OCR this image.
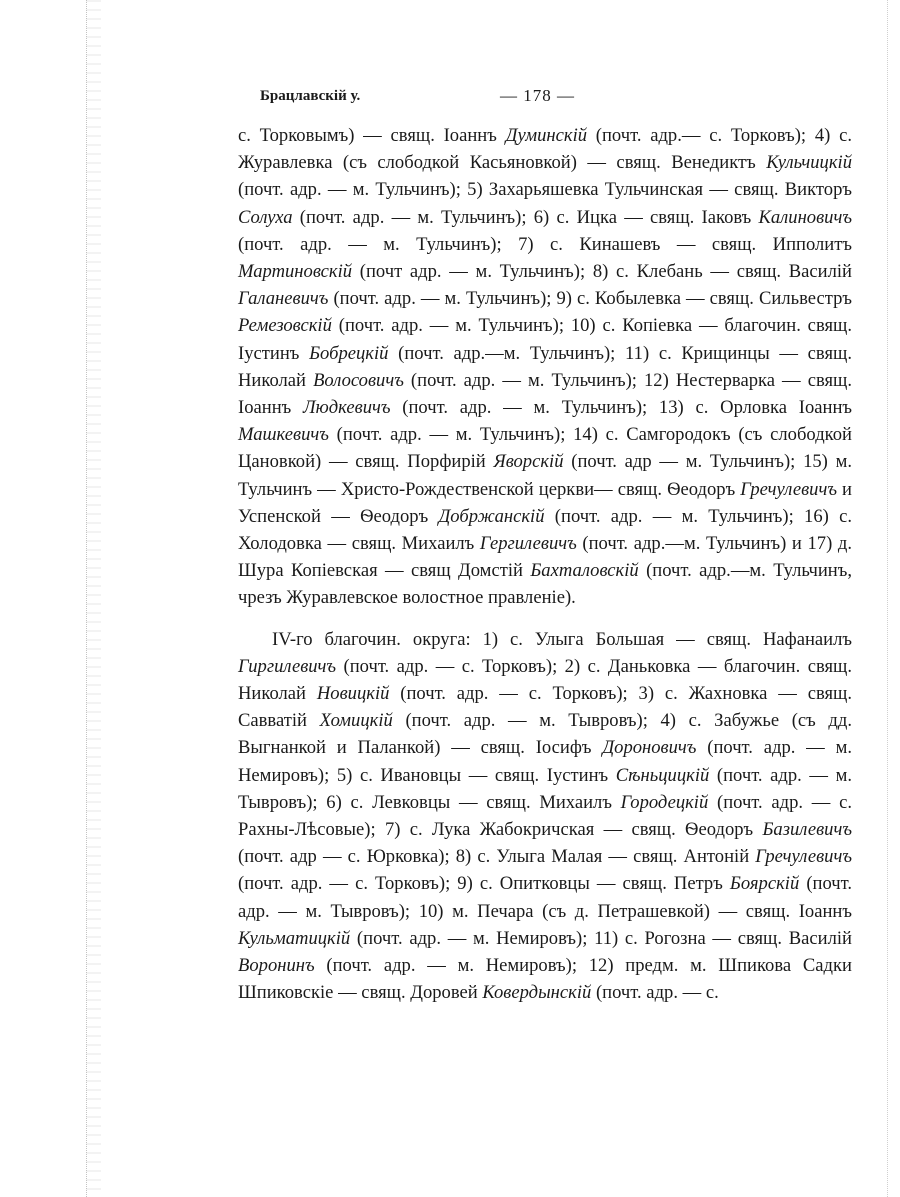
Брацлавскій у.	— 178 —

с. Торковымъ) — свящ. Іоаннъ Думинскій (почт. адр.— с. Торковъ); 4) с. Журавлевка (съ слободкой Касьяновкой) — свящ. Венедиктъ Кульчицкій (почт. адр. — м. Тульчинъ); 5) Захарьяшевка Тульчинская — свящ. Викторъ Солуха (почт. адр. — м. Тульчинъ); 6) с. Ицка — свящ. Іаковъ Калиновичъ (почт. адр. — м. Тульчинъ); 7) с. Кинашевъ — свящ. Ипполитъ Мартиновскій (почт адр. — м. Тульчинъ); 8) с. Клебань — свящ. Василій Галаневичъ (почт. адр. — м. Тульчинъ); 9) с. Кобылевка — свящ. Сильвестръ Ремезовскій (почт. адр. — м. Тульчинъ); 10) с. Копіевка — благочин. свящ. Іустинъ Бобрецкій (почт. адр.—м. Тульчинъ); 11) с. Крищинцы — свящ. Николай Волосовичъ (почт. адр. — м. Тульчинъ); 12) Нестерварка — свящ. Іоаннъ Людкевичъ (почт. адр. — м. Тульчинъ); 13) с. Орловка Іоаннъ Машкевичъ (почт. адр. — м. Тульчинъ); 14) с. Самгородокъ (съ слободкой Цановкой) — свящ. Порфирій Яворскій (почт. адр — м. Тульчинъ); 15) м. Тульчинъ — Христо-Рождественской церкви— свящ. Ѳеодоръ Гречулевичъ и Успенской — Ѳеодоръ Добржанскій (почт. адр. — м. Тульчинъ); 16) с. Холодовка — свящ. Михаилъ Гергилевичъ (почт. адр.—м. Тульчинъ) и 17) д. Шура Копіевская — свящ Домстій Бахталовскій (почт. адр.—м. Тульчинъ, чрезъ Журавлевское волостное правленіе).

IV-го благочин. округа: 1) с. Улыга Большая — свящ. Нафанаилъ Гиргилевичъ (почт. адр. — с. Торковъ); 2) с. Даньковка — благочин. свящ. Николай Новицкій (почт. адр. — с. Торковъ); 3) с. Жахновка — свящ. Савватій Хомицкій (почт. адр. — м. Тывровъ); 4) с. Забужье (съ дд. Выгнанкой и Паланкой) — свящ. Іосифъ Дороновичъ (почт. адр. — м. Немировъ); 5) с. Ивановцы — свящ. Іустинъ Сѣньцицкій (почт. адр. — м. Тывровъ); 6) с. Левковцы — свящ. Михаилъ Городецкій (почт. адр. — с. Рахны-Лѣсовые); 7) с. Лука Жабокричская — свящ. Ѳеодоръ Базилевичъ (почт. адр — с. Юрковка); 8) с. Улыга Малая — свящ. Антоній Гречулевичъ (почт. адр. — с. Торковъ); 9) с. Опитковцы — свящ. Петръ Боярскій (почт. адр. — м. Тывровъ); 10) м. Печара (съ д. Петрашевкой) — свящ. Іоаннъ Кульматицкій (почт. адр. — м. Немировъ); 11) с. Рогозна — свящ. Василій Воронинъ (почт. адр. — м. Немировъ); 12) предм. м. Шпикова Садки Шпиковскіе — свящ. Доровей Ковердынскій (почт. адр. — с.
